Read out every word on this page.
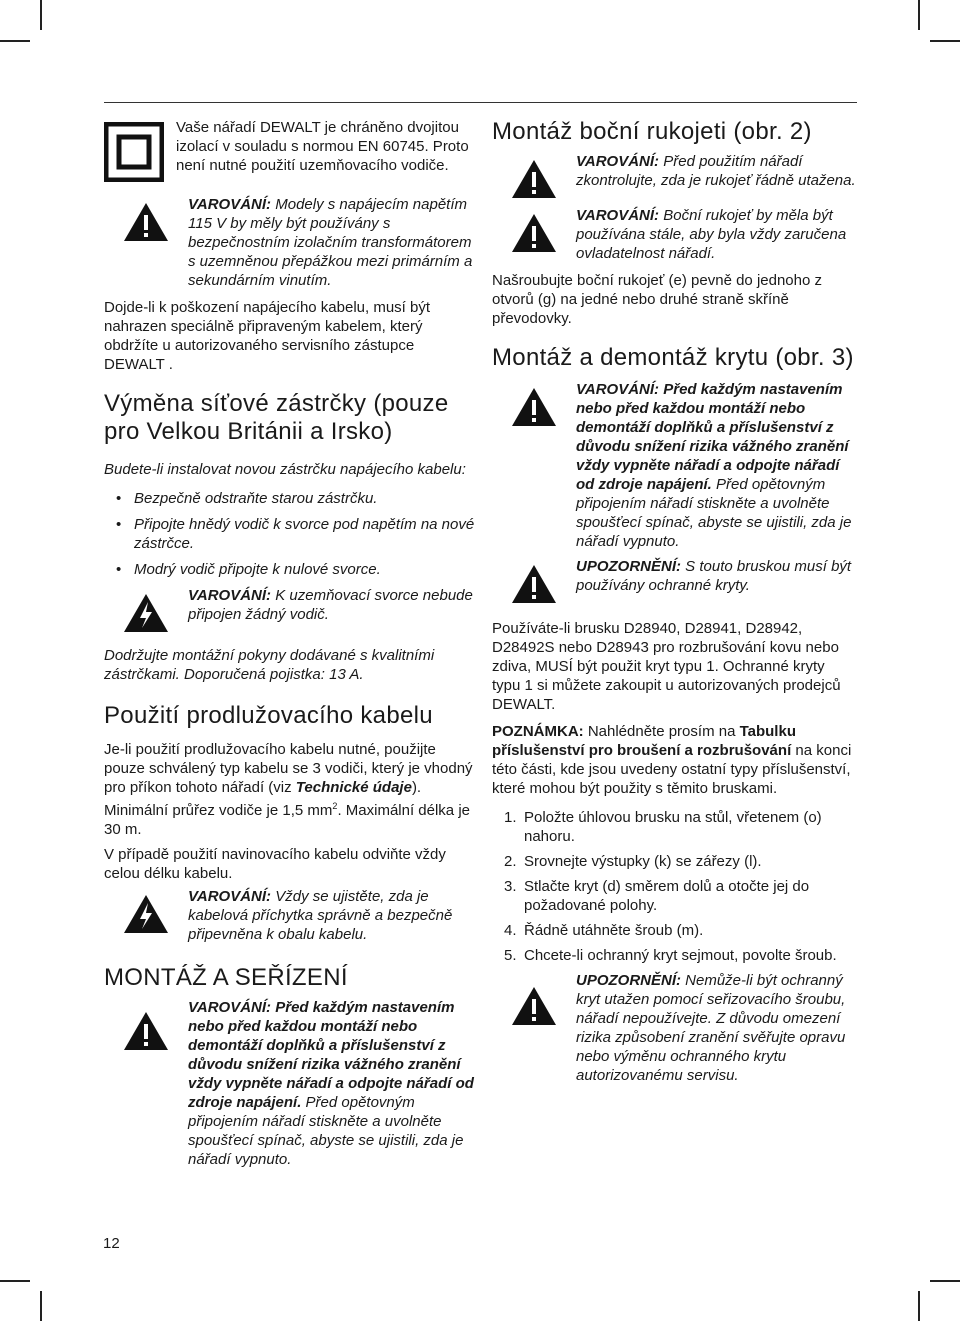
Vaše nářadí DEWALT je chráněno dvojitou izolací v souladu s normou EN 60745. Proto není nutné použití uzemňovacího vodiče.

VAROVÁNÍ: Modely s napájecím napětím 115 V by měly být používány s bezpečnostním izolačním transformátorem s uzemněnou přepážkou mezi primárním a sekundárním vinutím.

Dojde-li k poškození napájecího kabelu, musí být nahrazen speciálně připraveným kabelem, který obdržíte u autorizovaného servisního zástupce DEWALT .

Výměna síťové zástrčky (pouze pro Velkou Británii a Irsko)

Budete-li instalovat novou zástrčku napájecího kabelu:

• Bezpečně odstraňte starou zástrčku.
• Připojte hnědý vodič k svorce pod napětím na nové zástrčce.
• Modrý vodič připojte k nulové svorce.

VAROVÁNÍ: K uzemňovací svorce nebude připojen žádný vodič.

Dodržujte montážní pokyny dodávané s kvalitními zástrčkami. Doporučená pojistka: 13 A.

Použití prodlužovacího kabelu

Je-li použití prodlužovacího kabelu nutné, použijte pouze schválený typ kabelu se 3 vodiči, který je vhodný pro příkon tohoto nářadí (viz Technické údaje). Minimální průřez vodiče je 1,5 $mm^2$. Maximální délka je 30 m.

V případě použití navinovacího kabelu odviňte vždy celou délku kabelu.

VAROVÁNÍ: Vždy se ujistěte, zda je kabelová příchytka správně a bezpečně připevněna k obalu kabelu.

MONTÁŽ A SEŘÍZENÍ

VAROVÁNÍ: Před každým nastavením nebo před každou montáží nebo demontáží doplňků a příslušenství z důvodu snížení rizika vážného zranění vždy vypněte nářadí a odpojte nářadí od zdroje napájení. Před opětovným připojením nářadí stiskněte a uvolněte spoušťecí spínač, abyste se ujistili, zda je nářadí vypnuto.

Montáž boční rukojeti (obr. 2)

VAROVÁNÍ: Před použitím nářadí zkontrolujte, zda je rukojeť řádně utažena.

VAROVÁNÍ: Boční rukojeť by měla být používána stále, aby byla vždy zaručena ovladatelnost nářadí.

Našroubujte boční rukojeť (e) pevně do jednoho z otvorů (g) na jedné nebo druhé straně skříně převodovky.

Montáž a demontáž krytu (obr. 3)

VAROVÁNÍ: Před každým nastavením nebo před každou montáží nebo demontáží doplňků a příslušenství z důvodu snížení rizika vážného zranění vždy vypněte nářadí a odpojte nářadí od zdroje napájení. Před opětovným připojením nářadí stiskněte a uvolněte spoušťecí spínač, abyste se ujistili, zda je nářadí vypnuto.

UPOZORNĚNÍ: S touto bruskou musí být používány ochranné kryty.

Používáte-li brusku D28940, D28941, D28942, D28492S nebo D28943 pro rozbrušování kovu nebo zdiva, MUSÍ být použit kryt typu 1. Ochranné kryty typu 1 si můžete zakoupit u autorizovaných prodejců DEWALT.

POZNÁMKA: Nahlédněte prosím na Tabulku příslušenství pro broušení a rozbrušování na konci této části, kde jsou uvedeny ostatní typy příslušenství, které mohou být použity s těmito bruskami.

1. Položte úhlovou brusku na stůl, vřetenem (o) nahoru.
2. Srovnejte výstupky (k) se zářezy (l).
3. Stlačte kryt (d) směrem dolů a otočte jej do požadované polohy.
4. Řádně utáhněte šroub (m).
5. Chcete-li ochranný kryt sejmout, povolte šroub.

UPOZORNĚNÍ: Nemůže-li být ochranný kryt utažen pomocí seřizovacího šroubu, nářadí nepoužívejte. Z důvodu omezení rizika způsobení zranění svěřujte opravu nebo výměnu ochranného krytu autorizovanému servisu.

12
